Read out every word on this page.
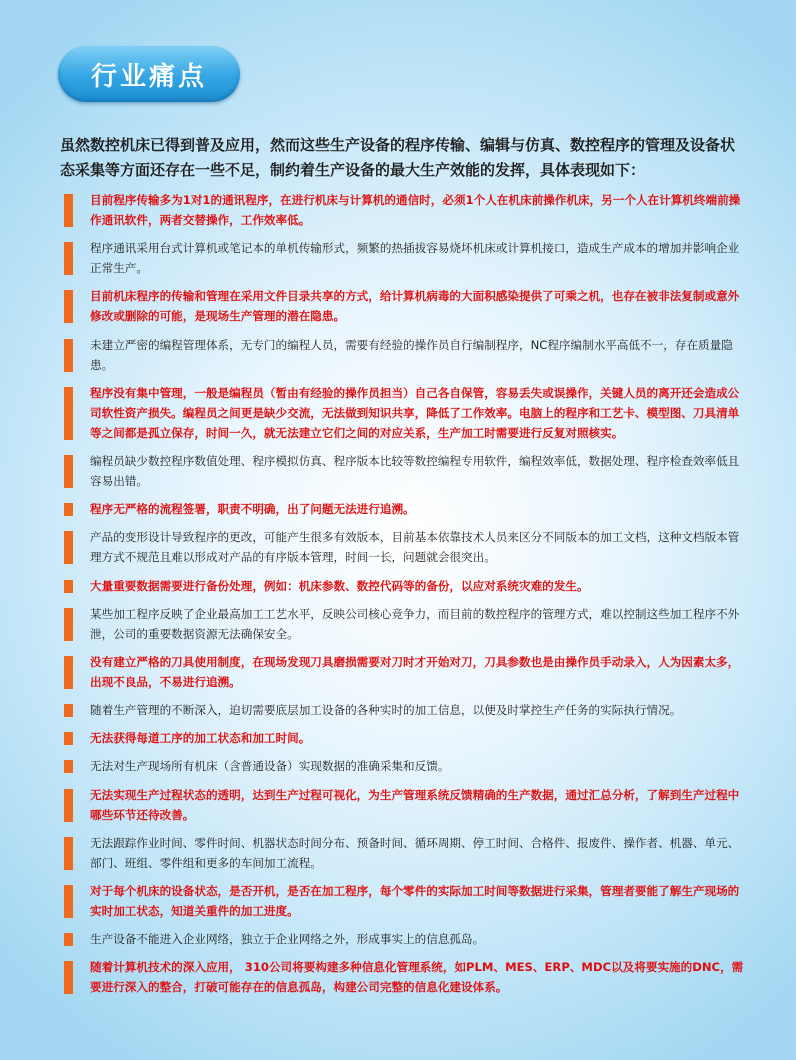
行业痛点

虽然数控机床已得到普及应用，然而这些生产设备的程序传输、编辑与仿真、数控程序的管理及设备状态采集等方面还存在一些不足，制约着生产设备的最大生产效能的发挥，具体表现如下：

目前程序传输多为1对1的通讯程序，在进行机床与计算机的通信时，必须1个人在机床前操作机床，另一个人在计算机终端前操作通讯软件，两者交替操作，工作效率低。
程序通讯采用台式计算机或笔记本的单机传输形式，频繁的热插拔容易烧坏机床或计算机接口，造成生产成本的增加并影响企业正常生产。
目前机床程序的传输和管理在采用文件目录共享的方式，给计算机病毒的大面积感染提供了可乘之机，也存在被非法复制或意外修改或删除的可能，是现场生产管理的潜在隐患。
未建立严密的编程管理体系，无专门的编程人员，需要有经验的操作员自行编制程序，NC程序编制水平高低不一，存在质量隐患。
程序没有集中管理，一般是编程员（暂由有经验的操作员担当）自己各自保管，容易丢失或误操作，关键人员的离开还会造成公司软性资产损失。编程员之间更是缺少交流，无法做到知识共享，降低了工作效率。电脑上的程序和工艺卡、模型图、刀具清单等之间都是孤立保存，时间一久，就无法建立它们之间的对应关系，生产加工时需要进行反复对照核实。
编程员缺少数控程序数值处理、程序模拟仿真、程序版本比较等数控编程专用软件，编程效率低，数据处理、程序检查效率低且容易出错。
程序无严格的流程签署，职责不明确，出了问题无法进行追溯。
产品的变形设计导致程序的更改，可能产生很多有效版本，目前基本依靠技术人员来区分不同版本的加工文档，这种文档版本管理方式不规范且难以形成对产品的有序版本管理，时间一长，问题就会很突出。
大量重要数据需要进行备份处理，例如：机床参数、数控代码等的备份，以应对系统灾难的发生。
某些加工程序反映了企业最高加工工艺水平，反映公司核心竞争力，而目前的数控程序的管理方式，难以控制这些加工程序不外泄，公司的重要数据资源无法确保安全。
没有建立严格的刀具使用制度，在现场发现刀具磨损需要对刀时才开始对刀，刀具参数也是由操作员手动录入，人为因素太多，出现不良品，不易进行追溯。
随着生产管理的不断深入，迫切需要底层加工设备的各种实时的加工信息，以便及时掌控生产任务的实际执行情况。
无法获得每道工序的加工状态和加工时间。
无法对生产现场所有机床（含普通设备）实现数据的准确采集和反馈。
无法实现生产过程状态的透明，达到生产过程可视化，为生产管理系统反馈精确的生产数据，通过汇总分析，了解到生产过程中哪些环节还待改善。
无法跟踪作业时间、零件时间、机器状态时间分布、预备时间、循环周期、停工时间、合格件、报废件、操作者、机器、单元、部门、班组、零件组和更多的车间加工流程。
对于每个机床的设备状态，是否开机，是否在加工程序，每个零件的实际加工时间等数据进行采集，管理者要能了解生产现场的实时加工状态，知道关重件的加工进度。
生产设备不能进入企业网络，独立于企业网络之外，形成事实上的信息孤岛。
随着计算机技术的深入应用， 310公司将要构建多种信息化管理系统，如PLM、MES、ERP、MDC以及将要实施的DNC，需要进行深入的整合，打破可能存在的信息孤岛，构建公司完整的信息化建设体系。
